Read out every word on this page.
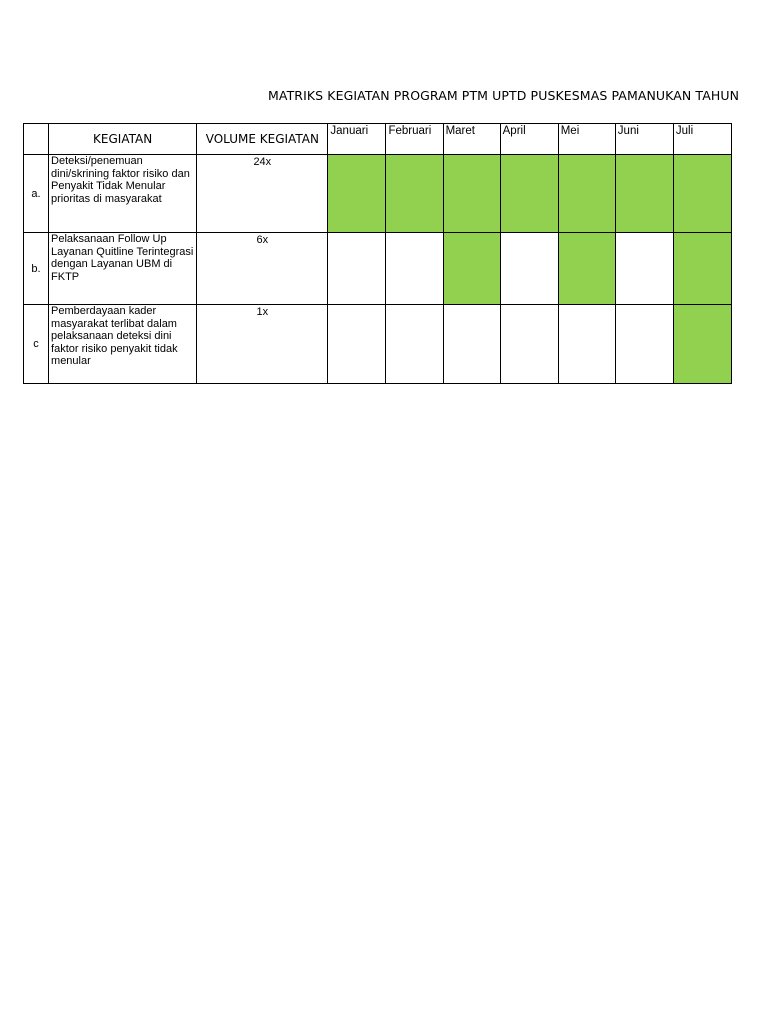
MATRIKS KEGIATAN PROGRAM PTM UPTD PUSKESMAS PAMANUKAN TAHUN
	KEGIATAN	VOLUME KEGIATAN	Januari	Februari	Maret	April	Mei	Juni	Juli
a.	Deteksi/penemuan dini/skrining faktor risiko dan Penyakit Tidak Menular prioritas di masyarakat	24x							
b.	Pelaksanaan Follow Up Layanan Quitline Terintegrasi dengan Layanan UBM di FKTP	6x							
c	Pemberdayaan kader masyarakat terlibat dalam pelaksanaan deteksi dini faktor risiko penyakit tidak menular	1x							
